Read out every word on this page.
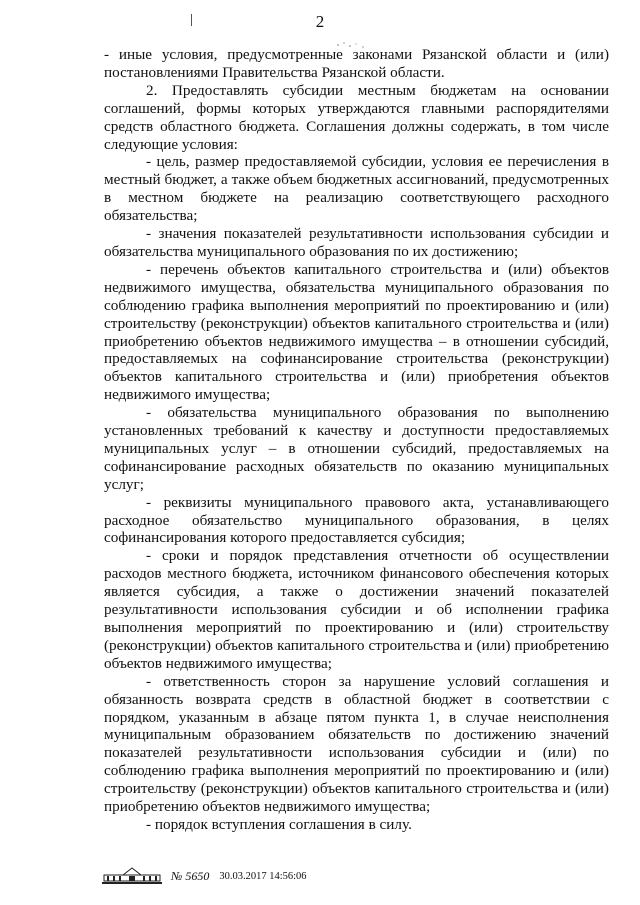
2

- иные условия, предусмотренные законами Рязанской области и (или) постановлениями Правительства Рязанской области.

2. Предоставлять субсидии местным бюджетам на основании соглашений, формы которых утверждаются главными распорядителями средств областного бюджета. Соглашения должны содержать, в том числе следующие условия:

- цель, размер предоставляемой субсидии, условия ее перечисления в местный бюджет, а также объем бюджетных ассигнований, предусмотренных в местном бюджете на реализацию соответствующего расходного обязательства;

- значения показателей результативности использования субсидии и обязательства муниципального образования по их достижению;

- перечень объектов капитального строительства и (или) объектов недвижимого имущества, обязательства муниципального образования по соблюдению графика выполнения мероприятий по проектированию и (или) строительству (реконструкции) объектов капитального строительства и (или) приобретению объектов недвижимого имущества – в отношении субсидий, предоставляемых на софинансирование строительства (реконструкции) объектов капитального строительства и (или) приобретения объектов недвижимого имущества;

- обязательства муниципального образования по выполнению установленных требований к качеству и доступности предоставляемых муниципальных услуг – в отношении субсидий, предоставляемых на софинансирование расходных обязательств по оказанию муниципальных услуг;

- реквизиты муниципального правового акта, устанавливающего расходное обязательство муниципального образования, в целях софинансирования которого предоставляется субсидия;

- сроки и порядок представления отчетности об осуществлении расходов местного бюджета, источником финансового обеспечения которых является субсидия, а также о достижении значений показателей результативности использования субсидии и об исполнении графика выполнения мероприятий по проектированию и (или) строительству (реконструкции) объектов капитального строительства и (или) приобретению объектов недвижимого имущества;

- ответственность сторон за нарушение условий соглашения и обязанность возврата средств в областной бюджет в соответствии с порядком, указанным в абзаце пятом пункта 1, в случае неисполнения муниципальным образованием обязательств по достижению значений показателей результативности использования субсидии и (или) по соблюдению графика выполнения мероприятий по проектированию и (или) строительству (реконструкции) объектов капитального строительства и (или) приобретению объектов недвижимого имущества;

- порядок вступления соглашения в силу.

№ 5650 30.03.2017 14:56:06
